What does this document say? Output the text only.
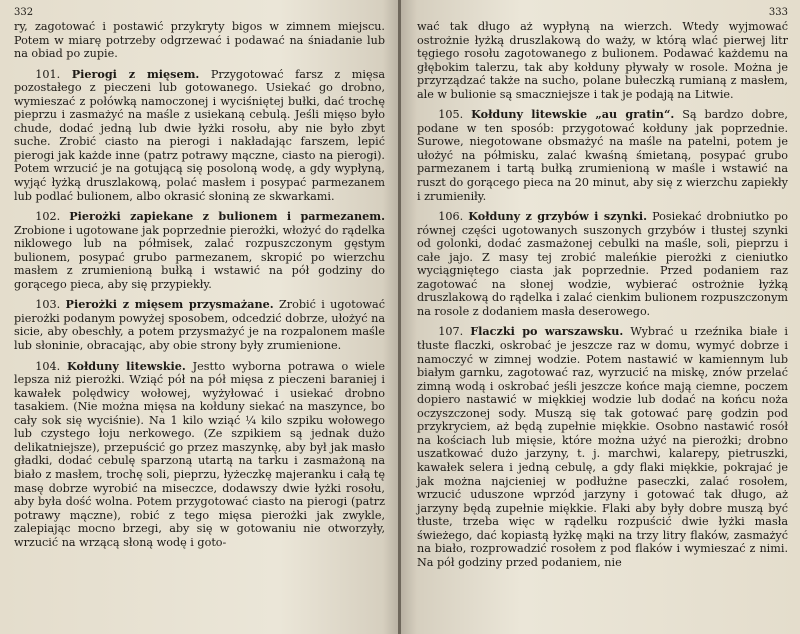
332

ry, zagotować i postawić przykryty bigos w zimnem miejscu. Potem w miarę potrzeby odgrzewać i podawać na śniadanie lub na obiad po zupie.

101. Pierogi z mięsem. Przygotować farsz z mięsa pozostałego z pieczeni lub gotowanego. Usiekać go drobno, wymieszać z połówką namoczonej i wyciśniętej bułki, dać trochę pieprzu i zasmażyć na maśle z usiekaną cebulą. Jeśli mięso było chude, dodać jedną lub dwie łyżki rosołu, aby nie było zbyt suche. Zrobić ciasto na pierogi i nakładając farszem, lepić pierogi jak każde inne (patrz potrawy mączne, ciasto na pierogi). Potem wrzucić je na gotującą się posoloną wodę, a gdy wypłyną, wyjąć łyżką druszlakową, polać masłem i posypać parmezanem lub podlać bulionem, albo okrasić słoniną ze skwarkami.

102. Pierożki zapiekane z bulionem i parmezanem. Zrobione i ugotowane jak poprzednie pierożki, włożyć do rądelka niklowego lub na półmisek, zalać rozpuszczonym gęstym bulionem, posypać grubo parmezanem, skropić po wierzchu masłem z zrumienioną bułką i wstawić na pół godziny do gorącego pieca, aby się przypiekły.

103. Pierożki z mięsem przysmażane. Zrobić i ugotować pierożki podanym powyżej sposobem, odcedzić dobrze, ułożyć na sicie, aby obeschły, a potem przysmażyć je na rozpalonem maśle lub słoninie, obracając, aby obie strony były zrumienione.

104. Kołduny litewskie. Jestto wyborna potrawa o wiele lepsza niż pierożki. Wziąć pół na pół mięsa z pieczeni baraniej i kawałek polędwicy wołowej, wyżyłować i usiekać drobno tasakiem. (Nie można mięsa na kołduny siekać na maszynce, bo cały sok się wyciśnie). Na 1 kilo wziąć ¼ kilo szpiku wołowego lub czystego łoju nerkowego. (Ze szpikiem są jednak dużo delikatniejsze), przepuścić go przez maszynkę, aby był jak masło gładki, dodać cebulę sparzoną utartą na tarku i zasmażoną na biało z masłem, trochę soli, pieprzu, łyżeczkę majeranku i całą tę masę dobrze wyrobić na miseczce, dodawszy dwie łyżki rosołu, aby była dość wolna. Potem przygotować ciasto na pierogi (patrz potrawy mączne), robić z tego mięsa pierożki jak zwykle, zalepiając mocno brzegi, aby się w gotowaniu nie otworzyły, wrzucić na wrzącą słoną wodę i goto-

333

wać tak długo aż wypłyną na wierzch. Wtedy wyjmować ostrożnie łyżką druszlakową do waży, w którą wlać pierwej litr tęgiego rosołu zagotowanego z bulionem. Podawać każdemu na głębokim talerzu, tak aby kołduny pływały w rosole. Można je przyrządzać także na sucho, polane bułeczką rumianą z masłem, ale w bulionie są smaczniejsze i tak je podają na Litwie.

105. Kołduny litewskie „au gratin“. Są bardzo dobre, podane w ten sposób: przygotować kołduny jak poprzednie. Surowe, niegotowane obsmażyć na maśle na patelni, potem je ułożyć na półmisku, zalać kwaśną śmietaną, posypać grubo parmezanem i tartą bułką zrumienioną w maśle i wstawić na ruszt do gorącego pieca na 20 minut, aby się z wierzchu zapiekły i zrumieniły.

106. Kołduny z grzybów i szynki. Posiekać drobniutko po równej części ugotowanych suszonych grzybów i tłustej szynki od golonki, dodać zasmażonej cebulki na maśle, soli, pieprzu i całe jajo. Z masy tej zrobić maleńkie pierożki z cieniutko wyciągniętego ciasta jak poprzednie. Przed podaniem raz zagotować na słonej wodzie, wybierać ostrożnie łyżką druszlakową do rądelka i zalać cienkim bulionem rozpuszczonym na rosole z dodaniem masła deserowego.

107. Flaczki po warszawsku. Wybrać u rzeźnika białe i tłuste flaczki, oskrobać je jeszcze raz w domu, wymyć dobrze i namoczyć w zimnej wodzie. Potem nastawić w kamiennym lub białym garnku, zagotować raz, wyrzucić na miskę, znów przelać zimną wodą i oskrobać jeśli jeszcze końce mają ciemne, poczem dopiero nastawić w miękkiej wodzie lub dodać na końcu noża oczyszczonej sody. Muszą się tak gotować parę godzin pod przykryciem, aż będą zupełnie miękkie. Osobno nastawić rosół na kościach lub mięsie, które można użyć na pierożki; drobno uszatkować dużo jarzyny, t. j. marchwi, kalarepy, pietruszki, kawałek selera i jedną cebulę, a gdy flaki miękkie, pokrajać je jak można najcieniej w podłużne paseczki, zalać rosołem, wrzucić uduszone wprzód jarzyny i gotować tak długo, aż jarzyny będą zupełnie miękkie. Flaki aby były dobre muszą być tłuste, trzeba więc w rądelku rozpuścić dwie łyżki masła świeżego, dać kopiastą łyżkę mąki na trzy litry flaków, zasmażyć na biało, rozprowadzić rosołem z pod flaków i wymieszać z nimi. Na pół godziny przed podaniem, nie
